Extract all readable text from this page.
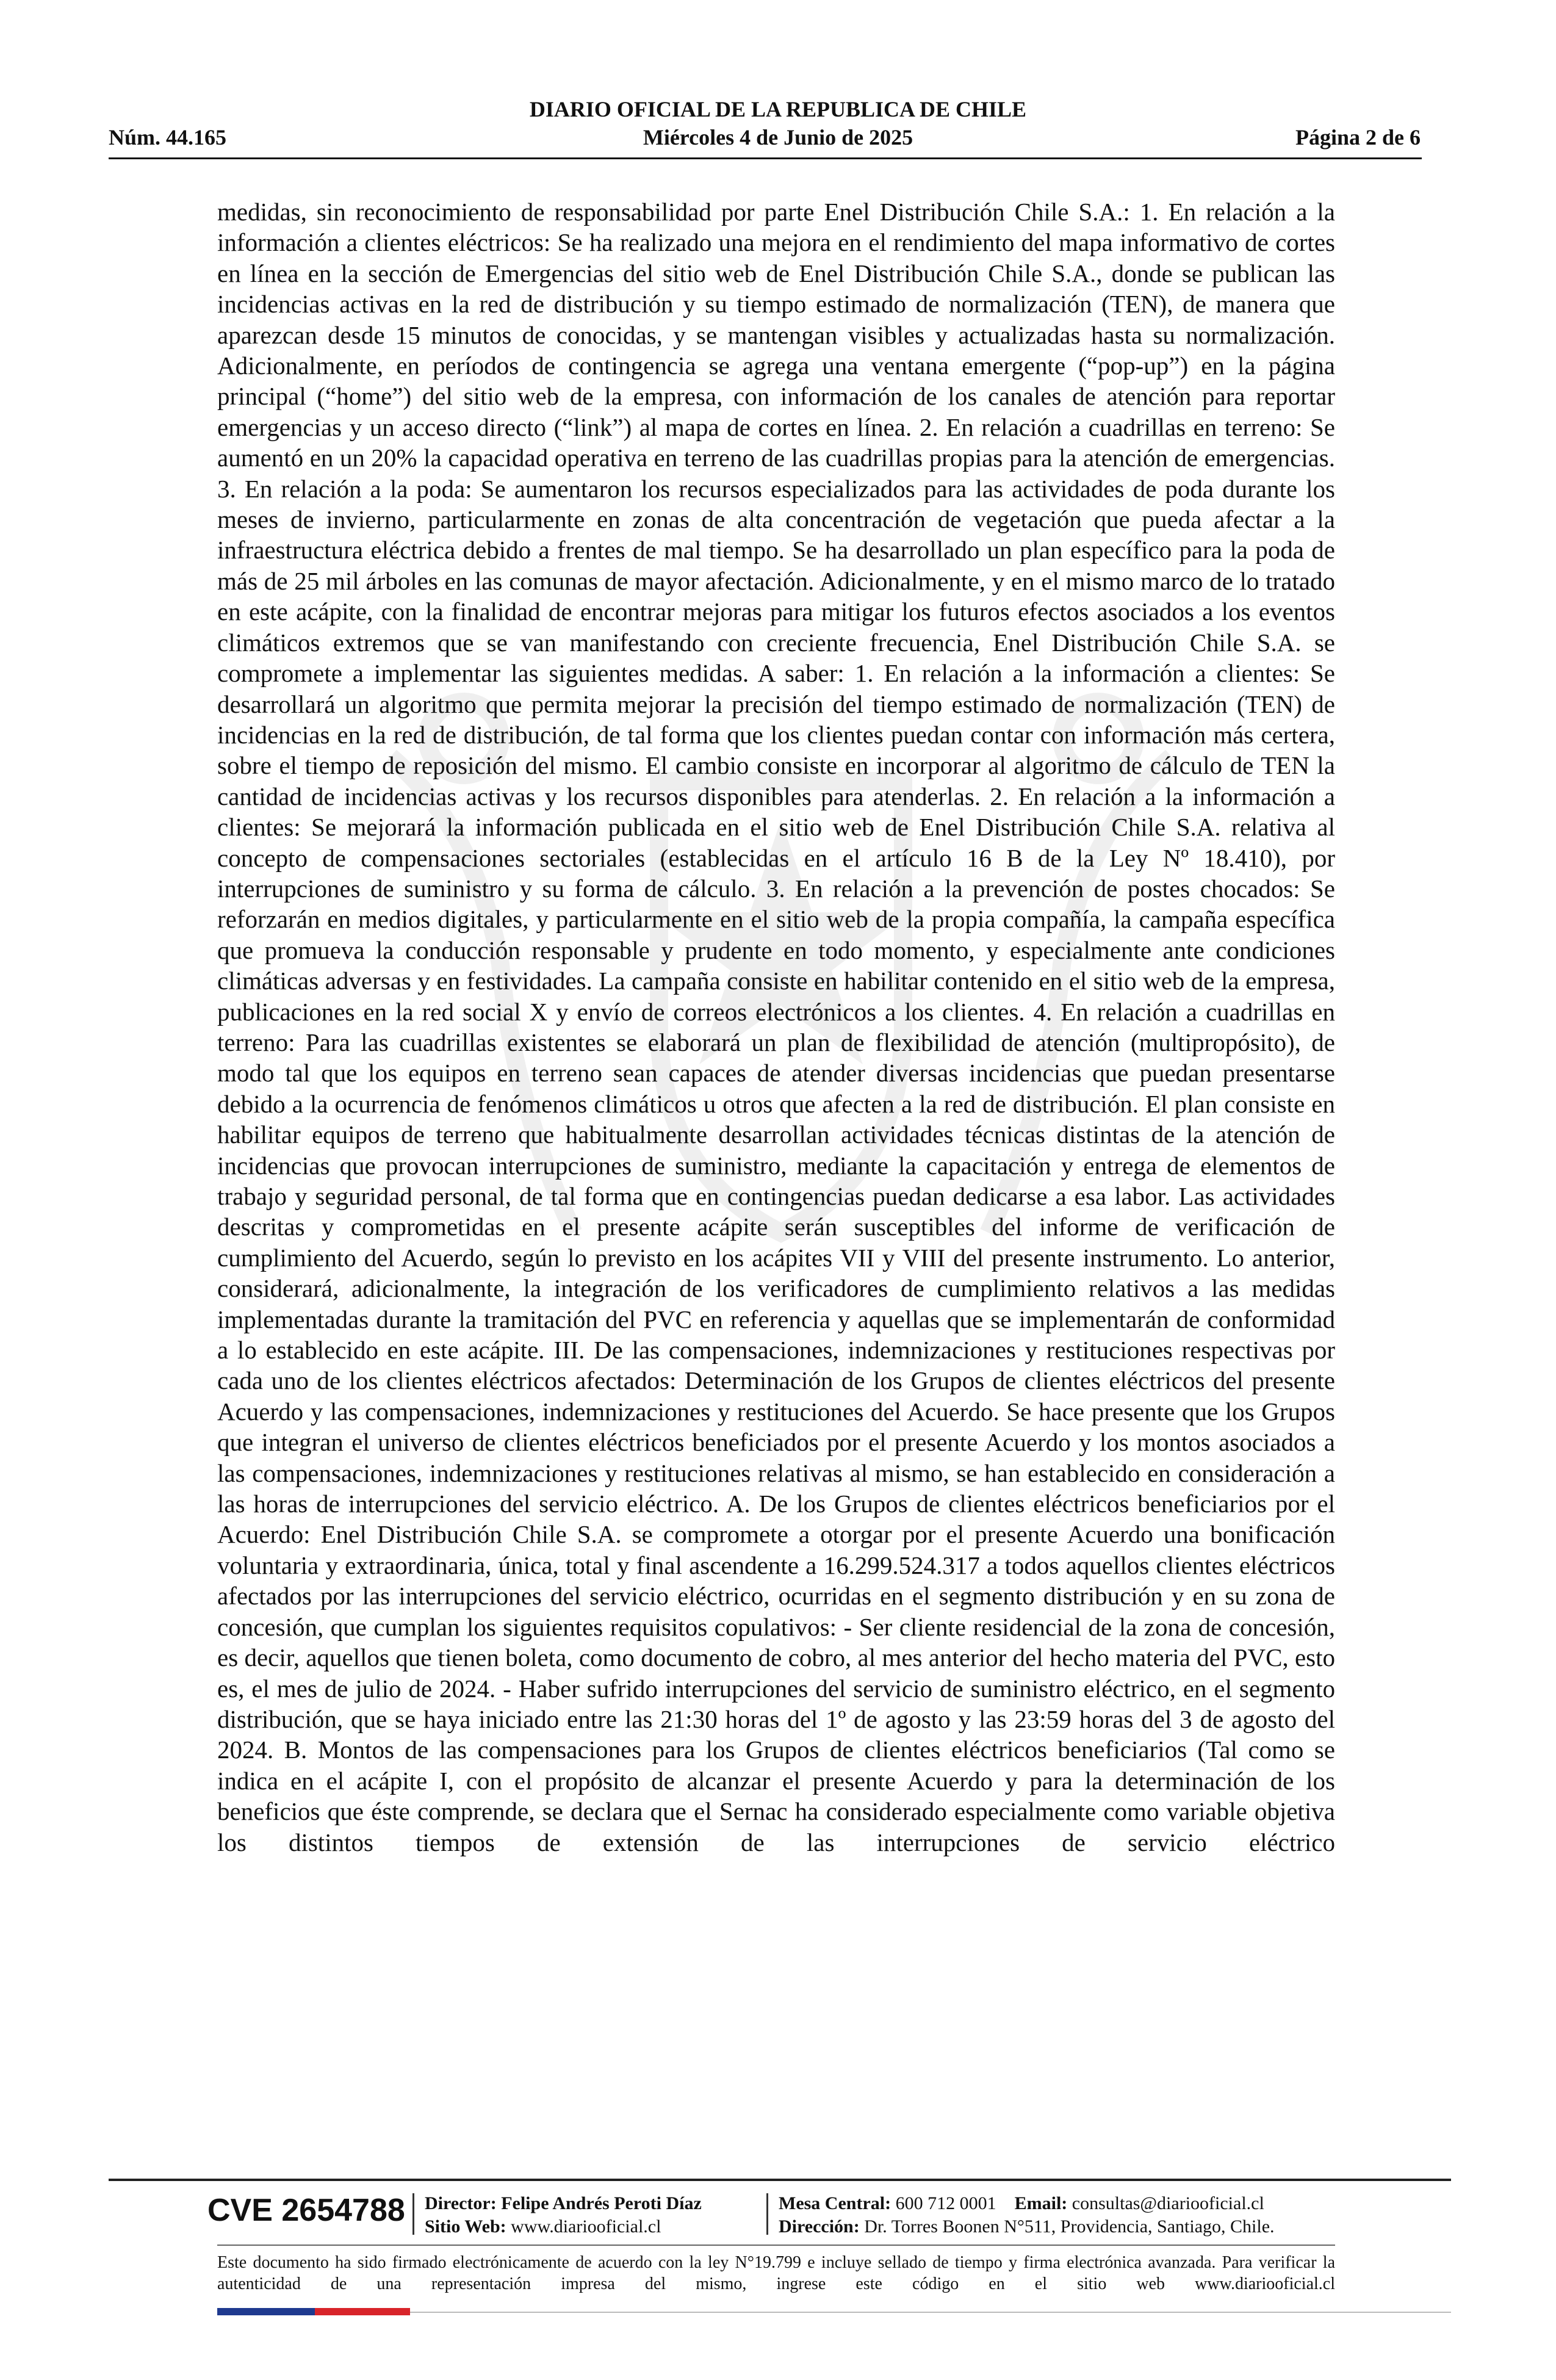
DIARIO OFICIAL DE LA REPUBLICA DE CHILE
Núm. 44.165	Miércoles 4 de Junio de 2025	Página 2 de 6

medidas, sin reconocimiento de responsabilidad por parte Enel Distribución Chile S.A.: 1. En relación a la información a clientes eléctricos: Se ha realizado una mejora en el rendimiento del mapa informativo de cortes en línea en la sección de Emergencias del sitio web de Enel Distribución Chile S.A., donde se publican las incidencias activas en la red de distribución y su tiempo estimado de normalización (TEN), de manera que aparezcan desde 15 minutos de conocidas, y se mantengan visibles y actualizadas hasta su normalización. Adicionalmente, en períodos de contingencia se agrega una ventana emergente (“pop-up”) en la página principal (“home”) del sitio web de la empresa, con información de los canales de atención para reportar emergencias y un acceso directo (“link”) al mapa de cortes en línea. 2. En relación a cuadrillas en terreno: Se aumentó en un 20% la capacidad operativa en terreno de las cuadrillas propias para la atención de emergencias. 3. En relación a la poda: Se aumentaron los recursos especializados para las actividades de poda durante los meses de invierno, particularmente en zonas de alta concentración de vegetación que pueda afectar a la infraestructura eléctrica debido a frentes de mal tiempo. Se ha desarrollado un plan específico para la poda de más de 25 mil árboles en las comunas de mayor afectación. Adicionalmente, y en el mismo marco de lo tratado en este acápite, con la finalidad de encontrar mejoras para mitigar los futuros efectos asociados a los eventos climáticos extremos que se van manifestando con creciente frecuencia, Enel Distribución Chile S.A. se compromete a implementar las siguientes medidas. A saber: 1. En relación a la información a clientes: Se desarrollará un algoritmo que permita mejorar la precisión del tiempo estimado de normalización (TEN) de incidencias en la red de distribución, de tal forma que los clientes puedan contar con información más certera, sobre el tiempo de reposición del mismo. El cambio consiste en incorporar al algoritmo de cálculo de TEN la cantidad de incidencias activas y los recursos disponibles para atenderlas. 2. En relación a la información a clientes: Se mejorará la información publicada en el sitio web de Enel Distribución Chile S.A. relativa al concepto de compensaciones sectoriales (establecidas en el artículo 16 B de la Ley Nº 18.410), por interrupciones de suministro y su forma de cálculo. 3. En relación a la prevención de postes chocados: Se reforzarán en medios digitales, y particularmente en el sitio web de la propia compañía, la campaña específica que promueva la conducción responsable y prudente en todo momento, y especialmente ante condiciones climáticas adversas y en festividades. La campaña consiste en habilitar contenido en el sitio web de la empresa, publicaciones en la red social X y envío de correos electrónicos a los clientes. 4. En relación a cuadrillas en terreno: Para las cuadrillas existentes se elaborará un plan de flexibilidad de atención (multipropósito), de modo tal que los equipos en terreno sean capaces de atender diversas incidencias que puedan presentarse debido a la ocurrencia de fenómenos climáticos u otros que afecten a la red de distribución. El plan consiste en habilitar equipos de terreno que habitualmente desarrollan actividades técnicas distintas de la atención de incidencias que provocan interrupciones de suministro, mediante la capacitación y entrega de elementos de trabajo y seguridad personal, de tal forma que en contingencias puedan dedicarse a esa labor. Las actividades descritas y comprometidas en el presente acápite serán susceptibles del informe de verificación de cumplimiento del Acuerdo, según lo previsto en los acápites VII y VIII del presente instrumento. Lo anterior, considerará, adicionalmente, la integración de los verificadores de cumplimiento relativos a las medidas implementadas durante la tramitación del PVC en referencia y aquellas que se implementarán de conformidad a lo establecido en este acápite. III. De las compensaciones, indemnizaciones y restituciones respectivas por cada uno de los clientes eléctricos afectados: Determinación de los Grupos de clientes eléctricos del presente Acuerdo y las compensaciones, indemnizaciones y restituciones del Acuerdo. Se hace presente que los Grupos que integran el universo de clientes eléctricos beneficiados por el presente Acuerdo y los montos asociados a las compensaciones, indemnizaciones y restituciones relativas al mismo, se han establecido en consideración a las horas de interrupciones del servicio eléctrico. A. De los Grupos de clientes eléctricos beneficiarios por el Acuerdo: Enel Distribución Chile S.A. se compromete a otorgar por el presente Acuerdo una bonificación voluntaria y extraordinaria, única, total y final ascendente a 16.299.524.317 a todos aquellos clientes eléctricos afectados por las interrupciones del servicio eléctrico, ocurridas en el segmento distribución y en su zona de concesión, que cumplan los siguientes requisitos copulativos: - Ser cliente residencial de la zona de concesión, es decir, aquellos que tienen boleta, como documento de cobro, al mes anterior del hecho materia del PVC, esto es, el mes de julio de 2024. - Haber sufrido interrupciones del servicio de suministro eléctrico, en el segmento distribución, que se haya iniciado entre las 21:30 horas del 1º de agosto y las 23:59 horas del 3 de agosto del 2024. B. Montos de las compensaciones para los Grupos de clientes eléctricos beneficiarios (Tal como se indica en el acápite I, con el propósito de alcanzar el presente Acuerdo y para la determinación de los beneficios que éste comprende, se declara que el Sernac ha considerado especialmente como variable objetiva los distintos tiempos de extensión de las interrupciones de servicio eléctrico

CVE 2654788 Director: Felipe Andrés Peroti Díaz
Sitio Web: www.diariooficial.cl
Mesa Central: 600 712 0001 Email: consultas@diariooficial.cl
Dirección: Dr. Torres Boonen N°511, Providencia, Santiago, Chile.

Este documento ha sido firmado electrónicamente de acuerdo con la ley N°19.799 e incluye sellado de tiempo y firma electrónica avanzada. Para verificar la autenticidad de una representación impresa del mismo, ingrese este código en el sitio web www.diariooficial.cl
